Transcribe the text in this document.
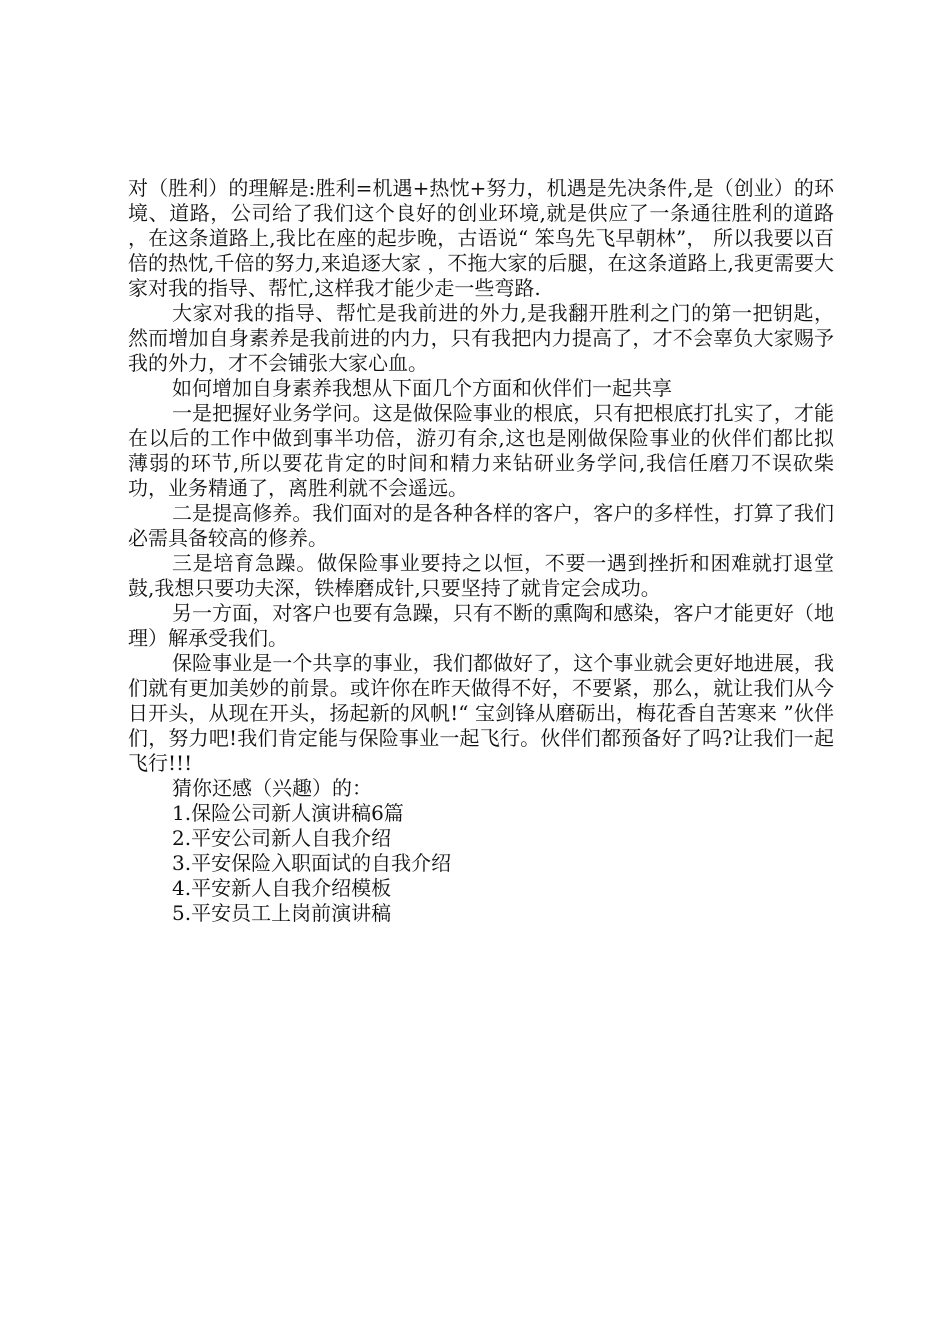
对（胜利）的理解是:胜利=机遇+热忱+努力，机遇是先决条件,是（创业）的环境、道路，公司给了我们这个良好的创业环境,就是供应了一条通往胜利的道路 ，在这条道路上,我比在座的起步晚，古语说“ 笨鸟先飞早朝林”， 所以我要以百倍的热忱,千倍的努力,来追逐大家 ，不拖大家的后腿，在这条道路上,我更需要大家对我的指导、帮忙,这样我才能少走一些弯路.

大家对我的指导、帮忙是我前进的外力,是我翻开胜利之门的第一把钥匙，然而增加自身素养是我前进的内力，只有我把内力提高了，才不会辜负大家赐予我的外力，才不会铺张大家心血。

如何增加自身素养我想从下面几个方面和伙伴们一起共享

一是把握好业务学问。这是做保险事业的根底，只有把根底打扎实了，才能在以后的工作中做到事半功倍，游刃有余,这也是刚做保险事业的伙伴们都比拟薄弱的环节,所以要花肯定的时间和精力来钻研业务学问,我信任磨刀不误砍柴功，业务精通了，离胜利就不会遥远。

二是提高修养。我们面对的是各种各样的客户，客户的多样性，打算了我们必需具备较高的修养。

三是培育急躁。做保险事业要持之以恒，不要一遇到挫折和困难就打退堂鼓,我想只要功夫深，铁棒磨成针,只要坚持了就肯定会成功。

另一方面，对客户也要有急躁，只有不断的熏陶和感染，客户才能更好（地理）解承受我们。

保险事业是一个共享的事业，我们都做好了，这个事业就会更好地进展，我们就有更加美妙的前景。或许你在昨天做得不好，不要紧，那么，就让我们从今日开头，从现在开头，扬起新的风帆!“ 宝剑锋从磨砺出，梅花香自苦寒来 ”伙伴们，努力吧!我们肯定能与保险事业一起飞行。伙伴们都预备好了吗?让我们一起飞行!!!

猜你还感（兴趣）的：

1.保险公司新人演讲稿6篇
2.平安公司新人自我介绍
3.平安保险入职面试的自我介绍
4.平安新人自我介绍模板
5.平安员工上岗前演讲稿
